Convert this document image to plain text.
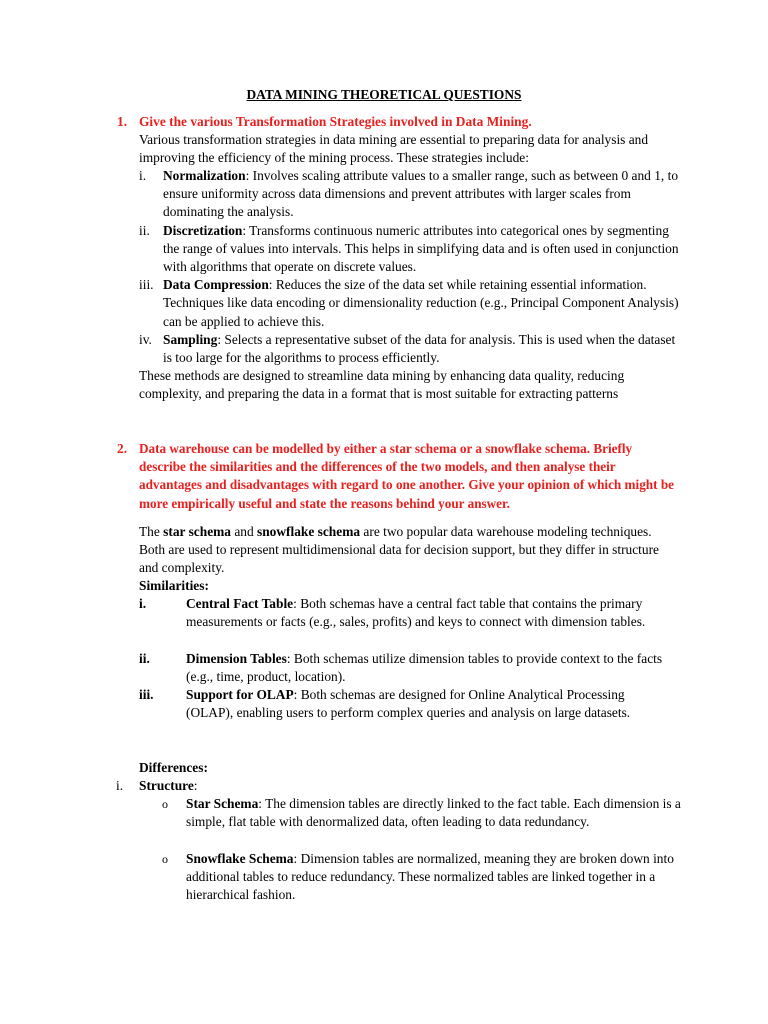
DATA MINING THEORETICAL QUESTIONS
1. Give the various Transformation Strategies involved in Data Mining.
Various transformation strategies in data mining are essential to preparing data for analysis and improving the efficiency of the mining process. These strategies include:
i. Normalization: Involves scaling attribute values to a smaller range, such as between 0 and 1, to ensure uniformity across data dimensions and prevent attributes with larger scales from dominating the analysis.
ii. Discretization: Transforms continuous numeric attributes into categorical ones by segmenting the range of values into intervals. This helps in simplifying data and is often used in conjunction with algorithms that operate on discrete values.
iii. Data Compression: Reduces the size of the data set while retaining essential information. Techniques like data encoding or dimensionality reduction (e.g., Principal Component Analysis) can be applied to achieve this.
iv. Sampling: Selects a representative subset of the data for analysis. This is used when the dataset is too large for the algorithms to process efficiently.
These methods are designed to streamline data mining by enhancing data quality, reducing complexity, and preparing the data in a format that is most suitable for extracting patterns
2. Data warehouse can be modelled by either a star schema or a snowflake schema. Briefly describe the similarities and the differences of the two models, and then analyse their advantages and disadvantages with regard to one another. Give your opinion of which might be more empirically useful and state the reasons behind your answer.
The star schema and snowflake schema are two popular data warehouse modeling techniques. Both are used to represent multidimensional data for decision support, but they differ in structure and complexity.
Similarities:
i.	Central Fact Table: Both schemas have a central fact table that contains the primary measurements or facts (e.g., sales, profits) and keys to connect with dimension tables.
ii.	Dimension Tables: Both schemas utilize dimension tables to provide context to the facts (e.g., time, product, location).
iii. Support for OLAP: Both schemas are designed for Online Analytical Processing (OLAP), enabling users to perform complex queries and analysis on large datasets.
Differences:
i. Structure:
o Star Schema: The dimension tables are directly linked to the fact table. Each dimension is a simple, flat table with denormalized data, often leading to data redundancy.
o Snowflake Schema: Dimension tables are normalized, meaning they are broken down into additional tables to reduce redundancy. These normalized tables are linked together in a hierarchical fashion.
